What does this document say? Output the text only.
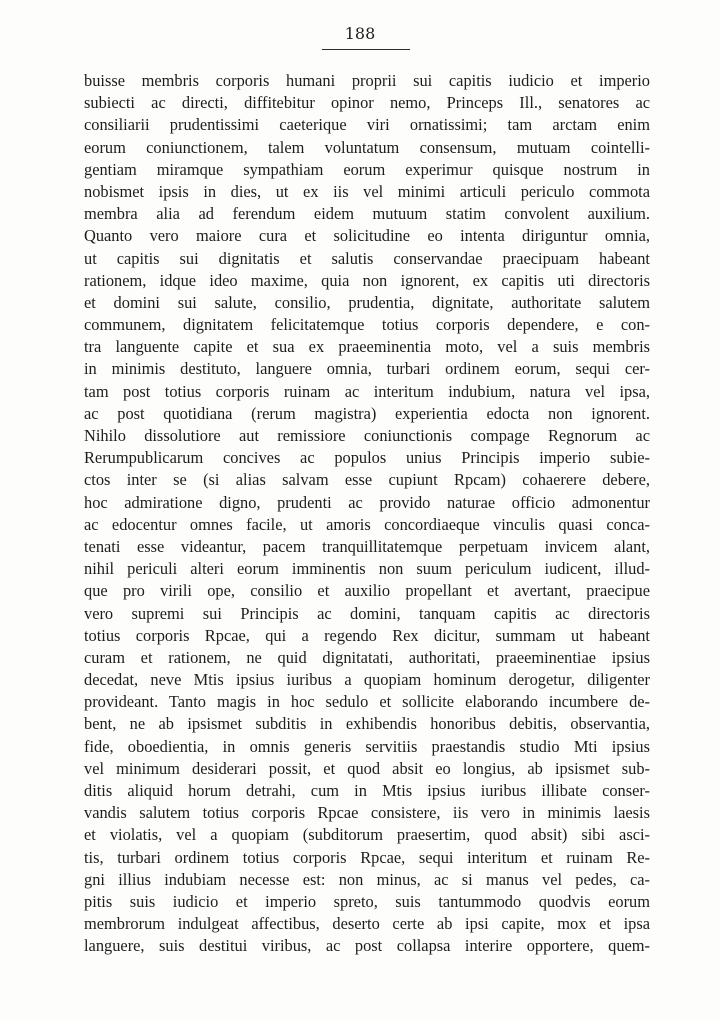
188
buisse membris corporis humani proprii sui capitis iudicio et imperio
subiecti ac directi, diffitebitur opinor nemo, Princeps Ill., senatores ac
consiliarii prudentissimi caeterique viri ornatissimi; tam arctam enim
eorum coniunctionem, talem voluntatum consensum, mutuam cointelli-
gentiam miramque sympathiam eorum experimur quisque nostrum in
nobismet ipsis in dies, ut ex iis vel minimi articuli periculo commota
membra alia ad ferendum eidem mutuum statim convolent auxilium.
Quanto vero maiore cura et solicitudine eo intenta diriguntur omnia,
ut capitis sui dignitatis et salutis conservandae praecipuam habeant
rationem, idque ideo maxime, quia non ignorent, ex capitis uti directoris
et domini sui salute, consilio, prudentia, dignitate, authoritate salutem
communem, dignitatem felicitatemque totius corporis dependere, e con-
tra languente capite et sua ex praeeminentia moto, vel a suis membris
in minimis destituto, languere omnia, turbari ordinem eorum, sequi cer-
tam post totius corporis ruinam ac interitum indubium, natura vel ipsa,
ac post quotidiana (rerum magistra) experientia edocta non ignorent.
Nihilo dissolutiore aut remissiore coniunctionis compage Regnorum ac
Rerumpublicarum concives ac populos unius Principis imperio subie-
ctos inter se (si alias salvam esse cupiunt Rpcam) cohaerere debere,
hoc admiratione digno, prudenti ac provido naturae officio admonentur
ac edocentur omnes facile, ut amoris concordiaeque vinculis quasi conca-
tenati esse videantur, pacem tranquillitatemque perpetuam invicem alant,
nihil periculi alteri eorum imminentis non suum periculum iudicent, illud-
que pro virili ope, consilio et auxilio propellant et avertant, praecipue
vero supremi sui Principis ac domini, tanquam capitis ac directoris
totius corporis Rpcae, qui a regendo Rex dicitur, summam ut habeant
curam et rationem, ne quid dignitatati, authoritati, praeeminentiae ipsius
decedat, neve Mtis ipsius iuribus a quopiam hominum derogetur, diligenter
provideant. Tanto magis in hoc sedulo et sollicite elaborando incumbere de-
bent, ne ab ipsismet subditis in exhibendis honoribus debitis, observantia,
fide, oboedientia, in omnis generis servitiis praestandis studio Mti ipsius
vel minimum desiderari possit, et quod absit eo longius, ab ipsismet sub-
ditis aliquid horum detrahi, cum in Mtis ipsius iuribus illibate conser-
vandis salutem totius corporis Rpcae consistere, iis vero in minimis laesis
et violatis, vel a quopiam (subditorum praesertim, quod absit) sibi asci-
tis, turbari ordinem totius corporis Rpcae, sequi interitum et ruinam Re-
gni illius indubiam necesse est: non minus, ac si manus vel pedes, ca-
pitis suis iudicio et imperio spreto, suis tantummodo quodvis eorum
membrorum indulgeat affectibus, deserto certe ab ipsi capite, mox et ipsa
languere, suis destitui viribus, ac post collapsa interire opportere, quem-
